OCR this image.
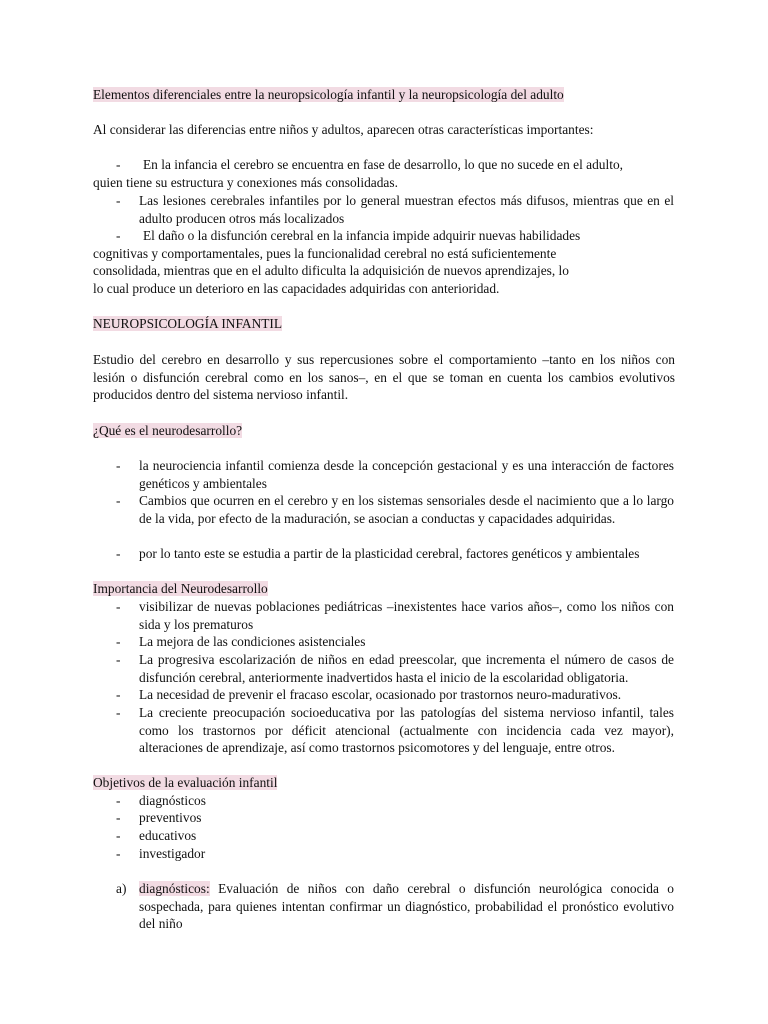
Elementos diferenciales entre la neuropsicología infantil y la neuropsicología del adulto

Al considerar las diferencias entre niños y adultos, aparecen otras características importantes:

- En la infancia el cerebro se encuentra en fase de desarrollo, lo que no sucede en el adulto,
quien tiene su estructura y conexiones más consolidadas.
- Las lesiones cerebrales infantiles por lo general muestran efectos más difusos, mientras que en el adulto producen otros más localizados

- El daño o la disfunción cerebral en la infancia impide adquirir nuevas habilidades
cognitivas y comportamentales, pues la funcionalidad cerebral no está suficientemente
consolidada, mientras que en el adulto dificulta la adquisición de nuevos aprendizajes, lo
lo cual produce un deterioro en las capacidades adquiridas con anterioridad.

NEUROPSICOLOGÍA INFANTIL

Estudio del cerebro en desarrollo y sus repercusiones sobre el comportamiento –tanto en los niños con lesión o disfunción cerebral como en los sanos–, en el que se toman en cuenta los cambios evolutivos producidos dentro del sistema nervioso infantil.

¿Qué es el neurodesarrollo?

- la neurociencia infantil comienza desde la concepción gestacional y es una interacción de factores genéticos y ambientales

- Cambios que ocurren en el cerebro y en los sistemas sensoriales desde el nacimiento que a lo largo de la vida, por efecto de la maduración, se asocian a conductas y capacidades adquiridas.

- por lo tanto este se estudia a partir de la plasticidad cerebral, factores genéticos y ambientales

Importancia del Neurodesarrollo

- visibilizar de nuevas poblaciones pediátricas –inexistentes hace varios años–, como los niños con sida y los prematuros

- La mejora de las condiciones asistenciales

- La progresiva escolarización de niños en edad preescolar, que incrementa el número de casos de disfunción cerebral, anteriormente inadvertidos hasta el inicio de la escolaridad obligatoria.

- La necesidad de prevenir el fracaso escolar, ocasionado por trastornos neuro-madurativos.

- La creciente preocupación socioeducativa por las patologías del sistema nervioso infantil, tales como los trastornos por déficit atencional (actualmente con incidencia cada vez mayor), alteraciones de aprendizaje, así como trastornos psicomotores y del lenguaje, entre otros.

Objetivos de la evaluación infantil

- diagnósticos

- preventivos

- educativos

- investigador

a) diagnósticos: Evaluación de niños con daño cerebral o disfunción neurológica conocida o sospechada, para quienes intentan confirmar un diagnóstico, probabilidad el pronóstico evolutivo del niño
